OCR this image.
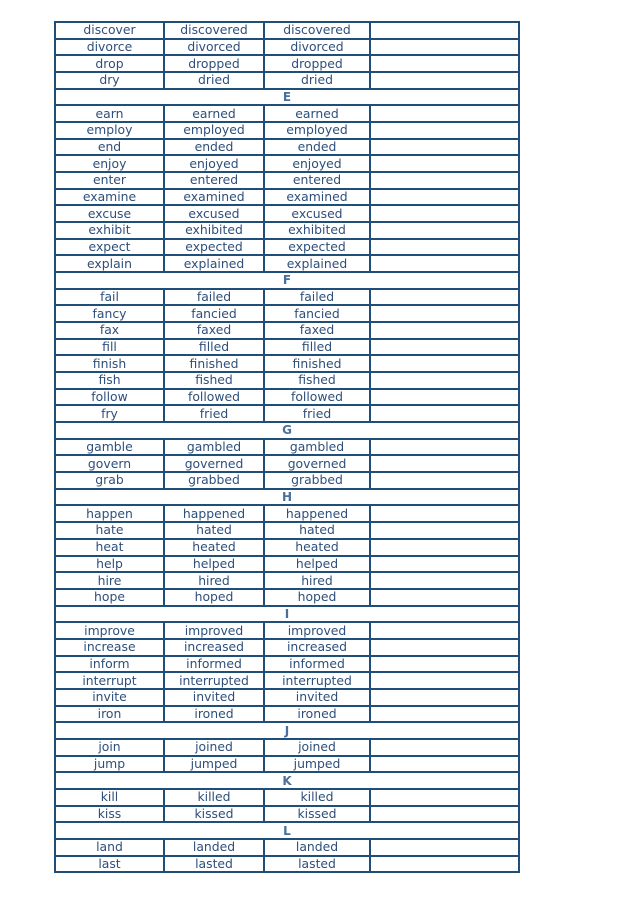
discover	discovered	discovered	
divorce	divorced	divorced	
drop	dropped	dropped	
dry	dried	dried	
E			
earn	earned	earned	
employ	employed	employed	
end	ended	ended	
enjoy	enjoyed	enjoyed	
enter	entered	entered	
examine	examined	examined	
excuse	excused	excused	
exhibit	exhibited	exhibited	
expect	expected	expected	
explain	explained	explained	
F			
fail	failed	failed	
fancy	fancied	fancied	
fax	faxed	faxed	
fill	filled	filled	
finish	finished	finished	
fish	fished	fished	
follow	followed	followed	
fry	fried	fried	
G			
gamble	gambled	gambled	
govern	governed	governed	
grab	grabbed	grabbed	
H			
happen	happened	happened	
hate	hated	hated	
heat	heated	heated	
help	helped	helped	
hire	hired	hired	
hope	hoped	hoped	
I			
improve	improved	improved	
increase	increased	increased	
inform	informed	informed	
interrupt	interrupted	interrupted	
invite	invited	invited	
iron	ironed	ironed	
J			
join	joined	joined	
jump	jumped	jumped	
K			
kill	killed	killed	
kiss	kissed	kissed	
L			
land	landed	landed	
last	lasted	lasted	
